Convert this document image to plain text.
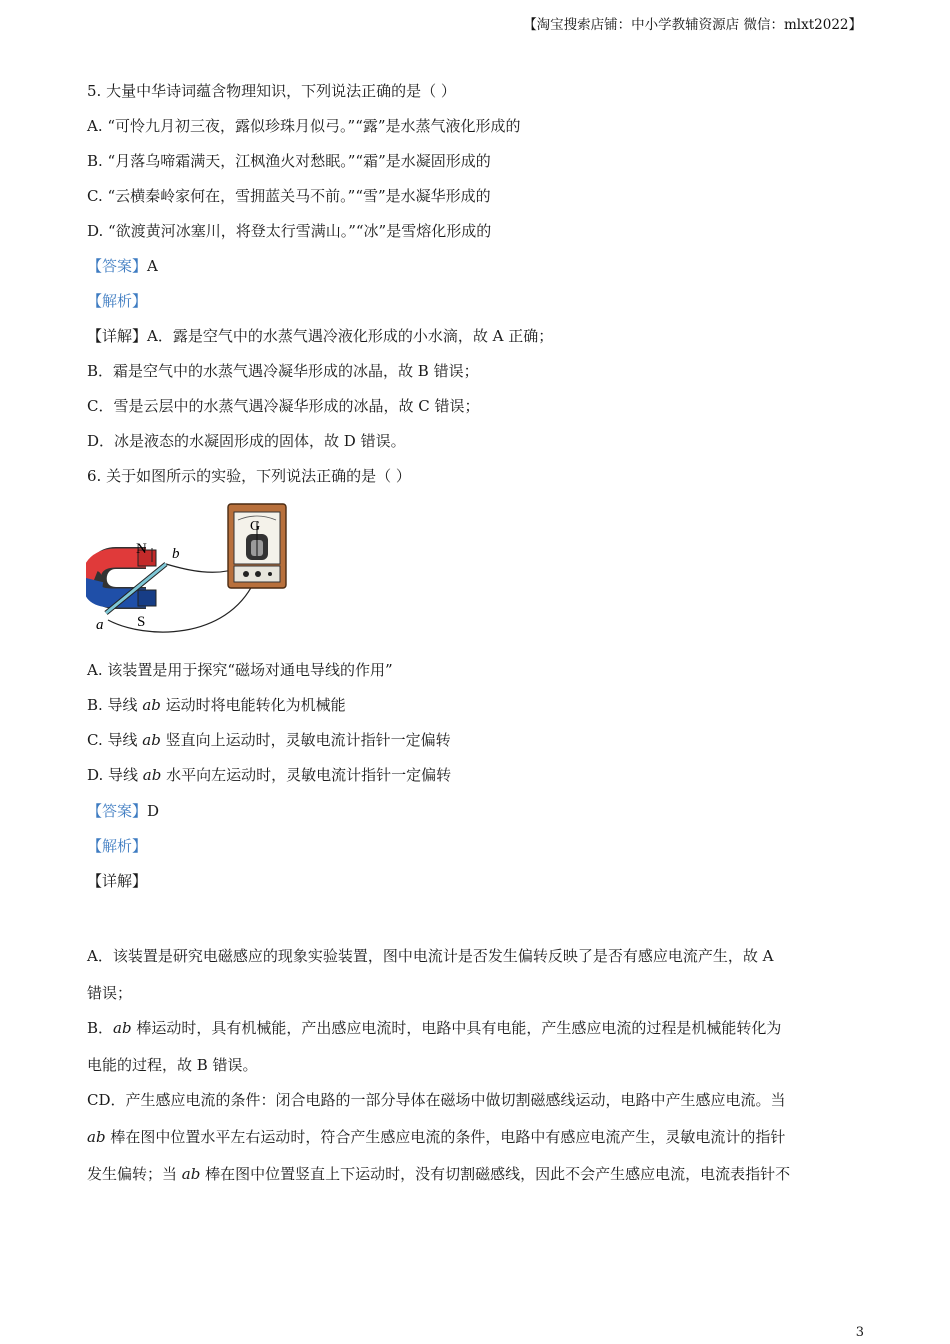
【淘宝搜索店铺：中小学教辅资源店 微信：mlxt2022】
5. 大量中华诗词蕴含物理知识，下列说法正确的是（ ）
A. “可怜九月初三夜，露似珍珠月似弓。”“露”是水蒸气液化形成的
B. “月落乌啼霜满天，江枫渔火对愁眠。”“霜”是水凝固形成的
C. “云横秦岭家何在，雪拥蓝关马不前。”“雪”是水凝华形成的
D. “欲渡黄河冰塞川，将登太行雪满山。”“冰”是雪熔化形成的
【答案】A
【解析】
【详解】A．露是空气中的水蒸气遇冷液化形成的小水滴，故 A 正确；
B．霜是空气中的水蒸气遇冷凝华形成的冰晶，故 B 错误；
C．雪是云层中的水蒸气遇冷凝华形成的冰晶，故 C 错误；
D．冰是液态的水凝固形成的固体，故 D 错误。
6. 关于如图所示的实验，下列说法正确的是（ ）
N b
S
a
G
A. 该装置是用于探究“磁场对通电导线的作用”
B. 导线 ab 运动时将电能转化为机械能
C. 导线 ab 竖直向上运动时，灵敏电流计指针一定偏转
D. 导线 ab 水平向左运动时，灵敏电流计指针一定偏转
【答案】D
【解析】
【详解】
A．该装置是研究电磁感应的现象实验装置，图中电流计是否发生偏转反映了是否有感应电流产生，故 A
错误；
B．ab 棒运动时，具有机械能，产出感应电流时，电路中具有电能，产生感应电流的过程是机械能转化为
电能的过程，故 B 错误。
CD．产生感应电流的条件：闭合电路的一部分导体在磁场中做切割磁感线运动，电路中产生感应电流。当
ab 棒在图中位置水平左右运动时，符合产生感应电流的条件，电路中有感应电流产生，灵敏电流计的指针
发生偏转；当 ab 棒在图中位置竖直上下运动时，没有切割磁感线，因此不会产生感应电流，电流表指针不
3
